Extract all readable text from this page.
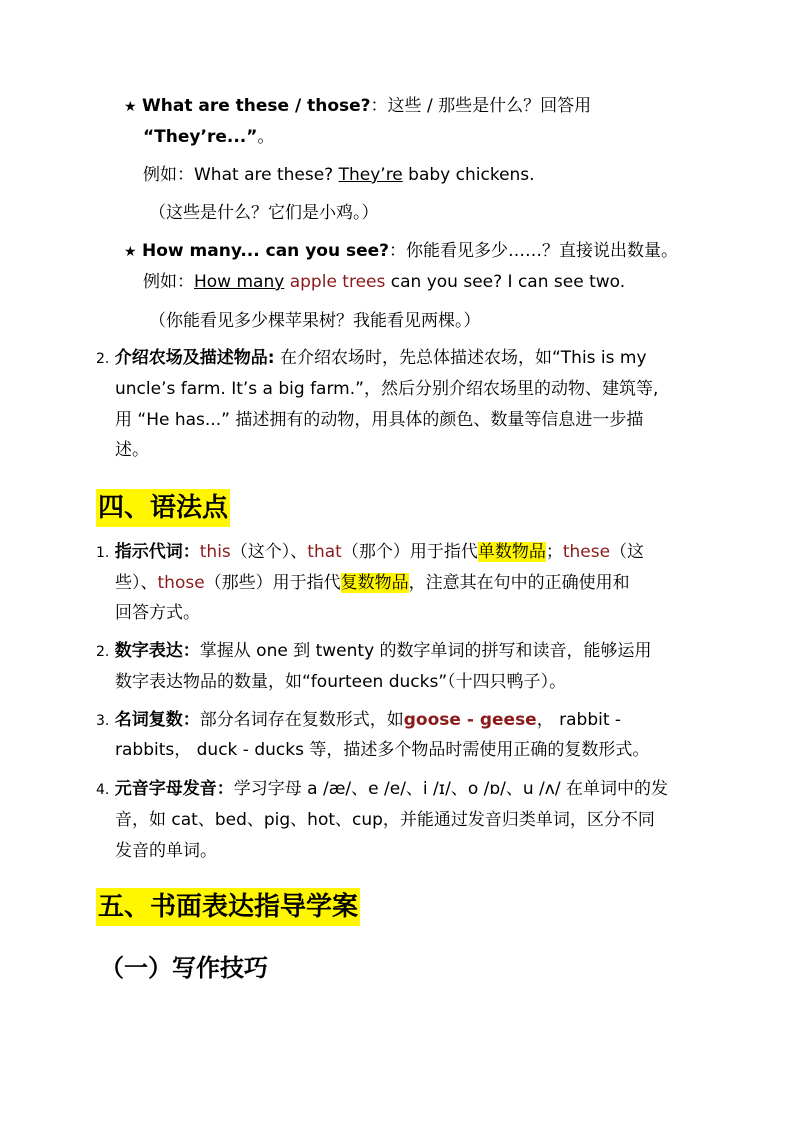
★ What are these / those?：这些 / 那些是什么？回答用
“They’re...”。
例如：What are these? They’re baby chickens.
（这些是什么？它们是小鸡。）
★ How many... can you see?：你能看见多少……？直接说出数量。
例如：How many apple trees can you see? I can see two.
（你能看见多少棵苹果树？我能看见两棵。）
2. 介绍农场及描述物品: 在介绍农场时，先总体描述农场，如“This is my
uncle’s farm. It’s a big farm.”，然后分别介绍农场里的动物、建筑等,
用 “He has...” 描述拥有的动物，用具体的颜色、数量等信息进一步描
述。
四、语法点
1. 指示代词：this（这个）、that（那个）用于指代单数物品；these（这
些）、those（那些）用于指代复数物品，注意其在句中的正确使用和
回答方式。
2. 数字表达：掌握从 one 到 twenty 的数字单词的拼写和读音，能够运用
数字表达物品的数量，如“fourteen ducks”（十四只鸭子）。
3. 名词复数：部分名词存在复数形式，如goose - geese， rabbit -
rabbits， duck - ducks 等，描述多个物品时需使用正确的复数形式。
4. 元音字母发音：学习字母 a /æ/、e /e/、i /ɪ/、o /ɒ/、u /ʌ/ 在单词中的发
音，如 cat、bed、pig、hot、cup，并能通过发音归类单词，区分不同
发音的单词。
五、书面表达指导学案
（一）写作技巧
